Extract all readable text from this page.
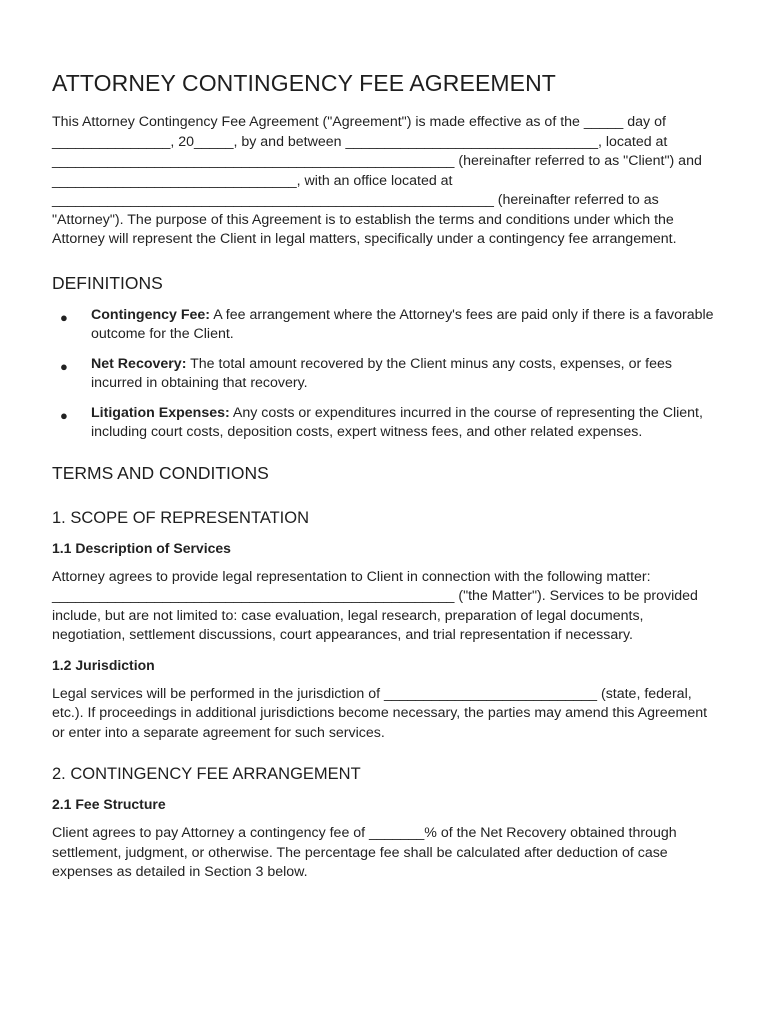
ATTORNEY CONTINGENCY FEE AGREEMENT

This Attorney Contingency Fee Agreement ("Agreement") is made effective as of the _____ day of _______________, 20_____, by and between ________________________________, located at ___________________________________________________ (hereinafter referred to as "Client") and _______________________________, with an office located at ________________________________________________________ (hereinafter referred to as "Attorney"). The purpose of this Agreement is to establish the terms and conditions under which the Attorney will represent the Client in legal matters, specifically under a contingency fee arrangement.

DEFINITIONS
● Contingency Fee: A fee arrangement where the Attorney's fees are paid only if there is a favorable outcome for the Client.
● Net Recovery: The total amount recovered by the Client minus any costs, expenses, or fees incurred in obtaining that recovery.
● Litigation Expenses: Any costs or expenditures incurred in the course of representing the Client, including court costs, deposition costs, expert witness fees, and other related expenses.
TERMS AND CONDITIONS
1. SCOPE OF REPRESENTATION
1.1 Description of Services

Attorney agrees to provide legal representation to Client in connection with the following matter: ___________________________________________________ ("the Matter"). Services to be provided include, but are not limited to: case evaluation, legal research, preparation of legal documents, negotiation, settlement discussions, court appearances, and trial representation if necessary.

1.2 Jurisdiction

Legal services will be performed in the jurisdiction of ___________________________ (state, federal, etc.). If proceedings in additional jurisdictions become necessary, the parties may amend this Agreement or enter into a separate agreement for such services.

2. CONTINGENCY FEE ARRANGEMENT
2.1 Fee Structure

Client agrees to pay Attorney a contingency fee of _______% of the Net Recovery obtained through settlement, judgment, or otherwise. The percentage fee shall be calculated after deduction of case expenses as detailed in Section 3 below.
